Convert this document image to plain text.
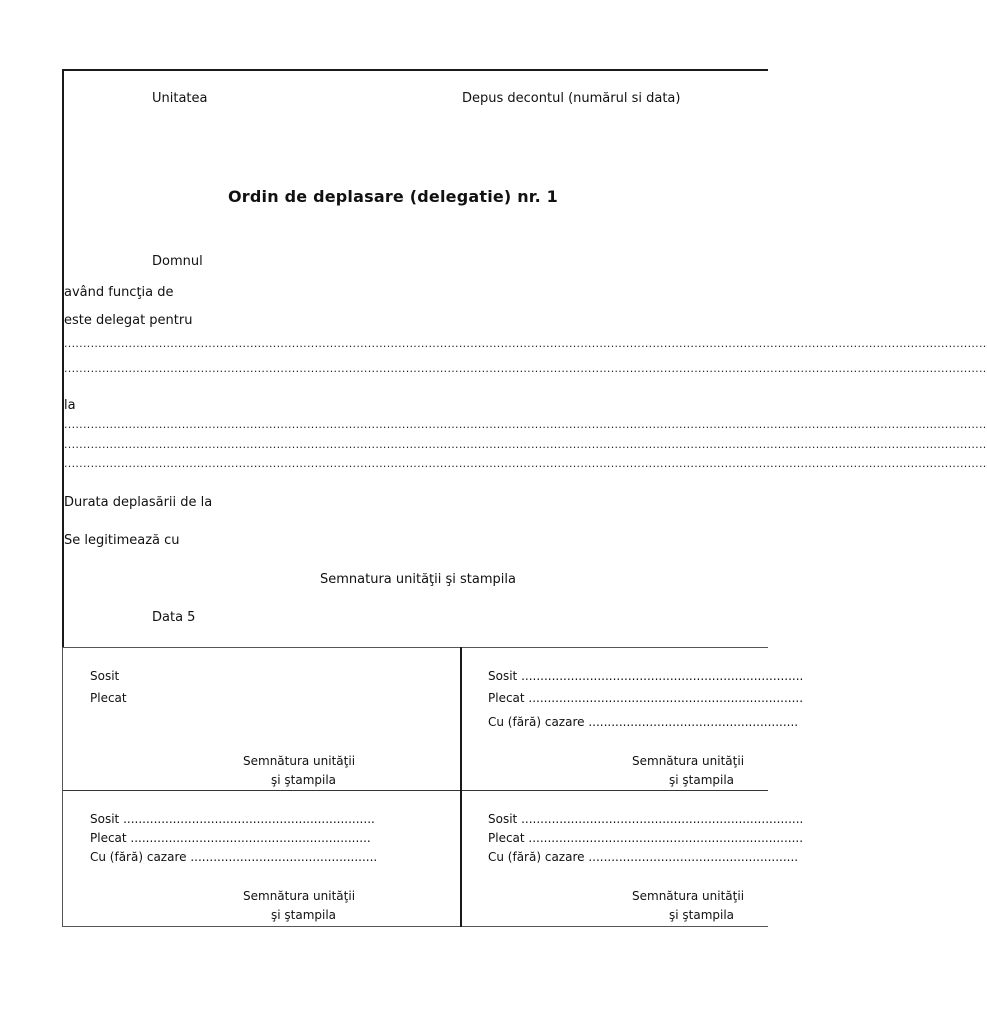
Unitatea	Depus decontul (numărul si data)
Ordin de deplasare (delegatie) nr. 1
Domnul
având funcţia de
este delegat pentru
...................................................................................................................................................................................................................................................
...................................................................................................................................................................................................................................................
la
...................................................................................................................................................................................................................................................
...................................................................................................................................................................................................................................................
...................................................................................................................................................................................................................................................
Durata deplasării de la
Se legitimează cu
Semnatura unităţii şi stampila
Data 5
Sosit
Plecat
Semnătura unităţii
şi ştampila
Sosit ..........................................................................
Plecat ........................................................................
Cu (fără) cazare .......................................................
Semnătura unităţii
şi ştampila
Sosit ..................................................................
Plecat ...............................................................
Cu (fără) cazare .................................................
Semnătura unităţii
şi ştampila
Sosit ..........................................................................
Plecat ........................................................................
Cu (fără) cazare .......................................................
Semnătura unităţii
şi ştampila
